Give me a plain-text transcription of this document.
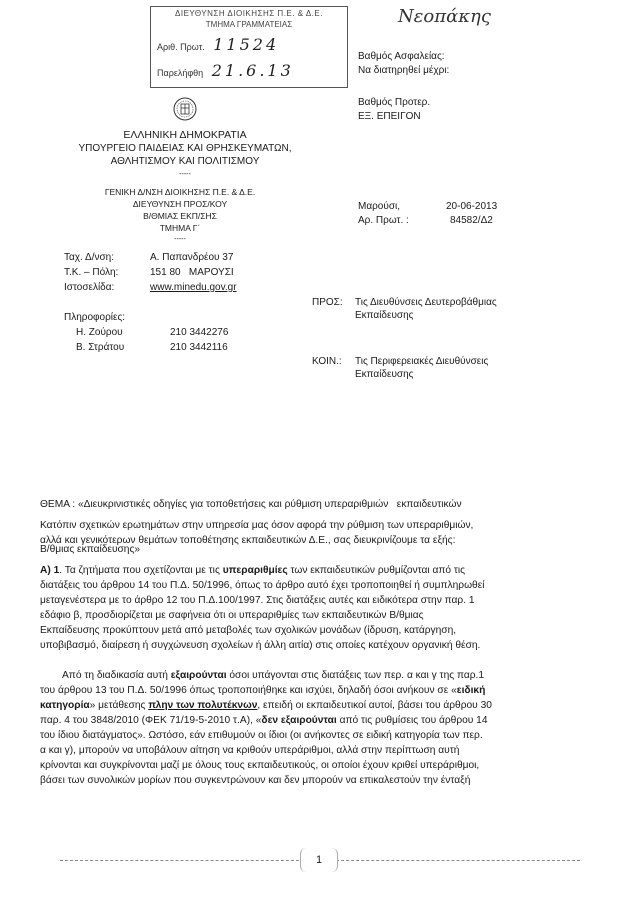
ΔΙΕΥΘΥΝΣΗ ΔΙΟΙΚΗΣΗΣ Π.Ε. & Δ.Ε.
ΤΜΗΜΑ ΓΡΑΜΜΑΤΕΙΑΣ
Αριθ. Πρωτ. 11524
Παρελήφθη 21.6.13
Νεοπάκης
Βαθμός Ασφαλείας:
Να διατηρηθεί μέχρι:
Βαθμός Προτερ.
ΕΞ. ΕΠΕΙΓΟΝ
ΕΛΛΗΝΙΚΗ ΔΗΜΟΚΡΑΤΙΑ
ΥΠΟΥΡΓΕΙΟ ΠΑΙΔΕΙΑΣ ΚΑΙ ΘΡΗΣΚΕΥΜΑΤΩΝ,
ΑΘΛΗΤΙΣΜΟΥ ΚΑΙ ΠΟΛΙΤΙΣΜΟΥ
-----
ΓΕΝΙΚΗ Δ/ΝΣΗ ΔΙΟΙΚΗΣΗΣ Π.Ε. & Δ.Ε.
ΔΙΕΥΘΥΝΣΗ ΠΡΟΣ/ΚΟΥ
Β/ΘΜΙΑΣ ΕΚΠ/ΣΗΣ
ΤΜΗΜΑ Γ΄
-----
Μαρούσι,	20-06-2013
Αρ. Πρωτ. :	84582/Δ2
Ταχ. Δ/νση:	Α. Παπανδρέου 37
Τ.Κ. – Πόλη:	151 80   ΜΑΡΟΥΣΙ
Ιστοσελίδα:	www.minedu.gov.gr
Πληροφορίες:
Η. Ζούρου	210 3442276
Β. Στράτου	210 3442116
ΠΡΟΣ: Τις Διευθύνσεις Δευτεροβάθμιας
Εκπαίδευσης
ΚΟΙΝ.: Τις Περιφερειακές Διευθύνσεις
Εκπαίδευσης

ΘΕΜΑ : «Διευκρινιστικές οδηγίες για τοποθετήσεις και ρύθμιση υπεραριθμιών   εκπαιδευτικών

Β/θμιας εκπαίδευσης»

Κατόπιν σχετικών ερωτημάτων στην υπηρεσία μας όσον αφορά την ρύθμιση των υπεραριθμιών,
αλλά και γενικότερων θεμάτων τοποθέτησης εκπαιδευτικών Δ.Ε., σας διευκρινίζουμε τα εξής:
Α) 1. Τα ζητήματα που σχετίζονται με τις υπεραριθμίες των εκπαιδευτικών ρυθμίζονται από τις
διατάξεις του άρθρου 14 του Π.Δ. 50/1996, όπως το άρθρο αυτό έχει τροποποιηθεί ή συμπληρωθεί
μεταγενέστερα με το άρθρο 12 του Π.Δ.100/1997. Στις διατάξεις αυτές και ειδικότερα στην παρ. 1
εδάφιο β, προσδιορίζεται με σαφήνεια ότι οι υπεραριθμίες των εκπαιδευτικών Β/θμιας
Εκπαίδευσης προκύπτουν μετά από μεταβολές των σχολικών μονάδων (ίδρυση, κατάργηση,
υποβιβασμό, διαίρεση ή συγχώνευση σχολείων ή άλλη αιτία) στις οποίες κατέχουν οργανική θέση.
Από τη διαδικασία αυτή εξαιρούνται όσοι υπάγονται στις διατάξεις των περ. α και γ της παρ.1
του άρθρου 13 του Π.Δ. 50/1996 όπως τροποποιήθηκε και ισχύει, δηλαδή όσοι ανήκουν σε «ειδική
κατηγορία» μετάθεσης πλην των πολυτέκνων, επειδή οι εκπαιδευτικοί αυτοί, βάσει του άρθρου 30
παρ. 4 του 3848/2010 (ΦΕΚ 71/19-5-2010 τ.Α), «δεν εξαιρούνται από τις ρυθμίσεις του άρθρου 14
του ίδιου διατάγματος». Ωστόσο, εάν επιθυμούν οι ίδιοι (οι ανήκοντες σε ειδική κατηγορία των περ.
α και γ), μπορούν να υποβάλουν αίτηση να κριθούν υπεράριθμοι, αλλά στην περίπτωση αυτή
κρίνονται και συγκρίνονται μαζί με όλους τους εκπαιδευτικούς, οι οποίοι έχουν κριθεί υπεράριθμοι,
βάσει των συνολικών μορίων που συγκεντρώνουν και δεν μπορούν να επικαλεστούν την ένταξή
1
